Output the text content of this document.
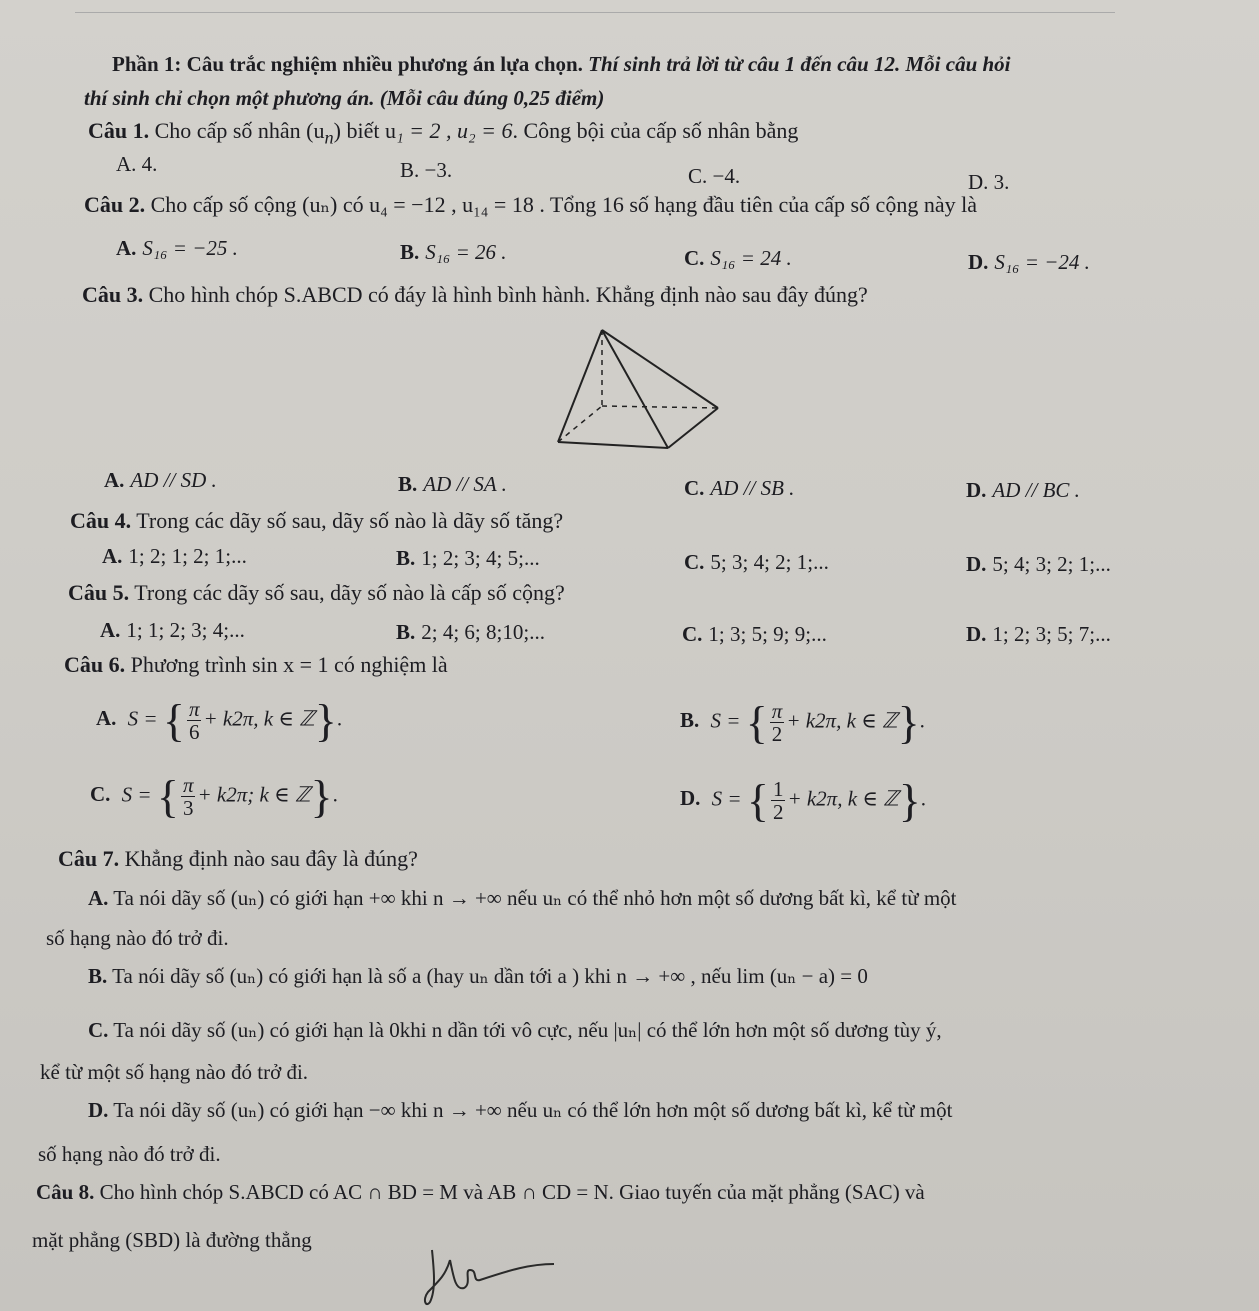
Phần 1: Câu trắc nghiệm nhiều phương án lựa chọn. Thí sinh trả lời từ câu 1 đến câu 12. Mỗi câu hỏi
thí sinh chỉ chọn một phương án. (Mỗi câu đúng 0,25 điểm)
Câu 1. Cho cấp số nhân $(u_n)$ biết u₁ = 2 , u₂ = 6. Công bội của cấp số nhân bằng
A. 4.	B. −3.	C. −4.	D. 3.
Câu 2. Cho cấp số cộng (uₙ) có u₄ = −12 , u₁₄ = 18 . Tổng 16 số hạng đầu tiên của cấp số cộng này là
A. S₁₆ = −25 .	B. S₁₆ = 26 .	C. S₁₆ = 24 .	D. S₁₆ = −24 .
Câu 3. Cho hình chóp S.ABCD có đáy là hình bình hành. Khẳng định nào sau đây đúng?
A. AD // SD .	B. AD // SA .	C. AD // SB .	D. AD // BC .
Câu 4. Trong các dãy số sau, dãy số nào là dãy số tăng?
A. 1; 2; 1; 2; 1;...	B. 1; 2; 3; 4; 5;...	C. 5; 3; 4; 2; 1;...	D. 5; 4; 3; 2; 1;...
Câu 5. Trong các dãy số sau, dãy số nào là cấp số cộng?
A. 1; 1; 2; 3; 4;...	B. 2; 4; 6; 8;10;...	C. 1; 3; 5; 9; 9;...	D. 1; 2; 3; 5; 7;...
Câu 6. Phương trình sin x = 1 có nghiệm là
A. S = { $\frac{\pi}{6} + k2\pi$, k ∈ ℤ}.	B. S = { $\frac{\pi}{2} + k2\pi$, k ∈ ℤ}.
C. S = { $\frac{\pi}{3} + k2\pi$; k ∈ ℤ}.	D. S = { $\frac{1}{2} + k2\pi$, k ∈ ℤ}.
Câu 7. Khẳng định nào sau đây là đúng?
A. Ta nói dãy số (uₙ) có giới hạn +∞ khi n → +∞ nếu uₙ có thể nhỏ hơn một số dương bất kì, kể từ một
số hạng nào đó trở đi.
B. Ta nói dãy số (uₙ) có giới hạn là số a (hay uₙ dần tới a ) khi n → +∞ , nếu lim (uₙ − a) = 0
C. Ta nói dãy số (uₙ) có giới hạn là 0khi n dần tới vô cực, nếu |uₙ| có thể lớn hơn một số dương tùy ý,
kể từ một số hạng nào đó trở đi.
D. Ta nói dãy số (uₙ) có giới hạn −∞ khi n → +∞ nếu uₙ có thể lớn hơn một số dương bất kì, kể từ một
số hạng nào đó trở đi.
Câu 8. Cho hình chóp S.ABCD có AC ∩ BD = M và AB ∩ CD = N. Giao tuyến của mặt phẳng (SAC) và
mặt phẳng (SBD) là đường thẳng
